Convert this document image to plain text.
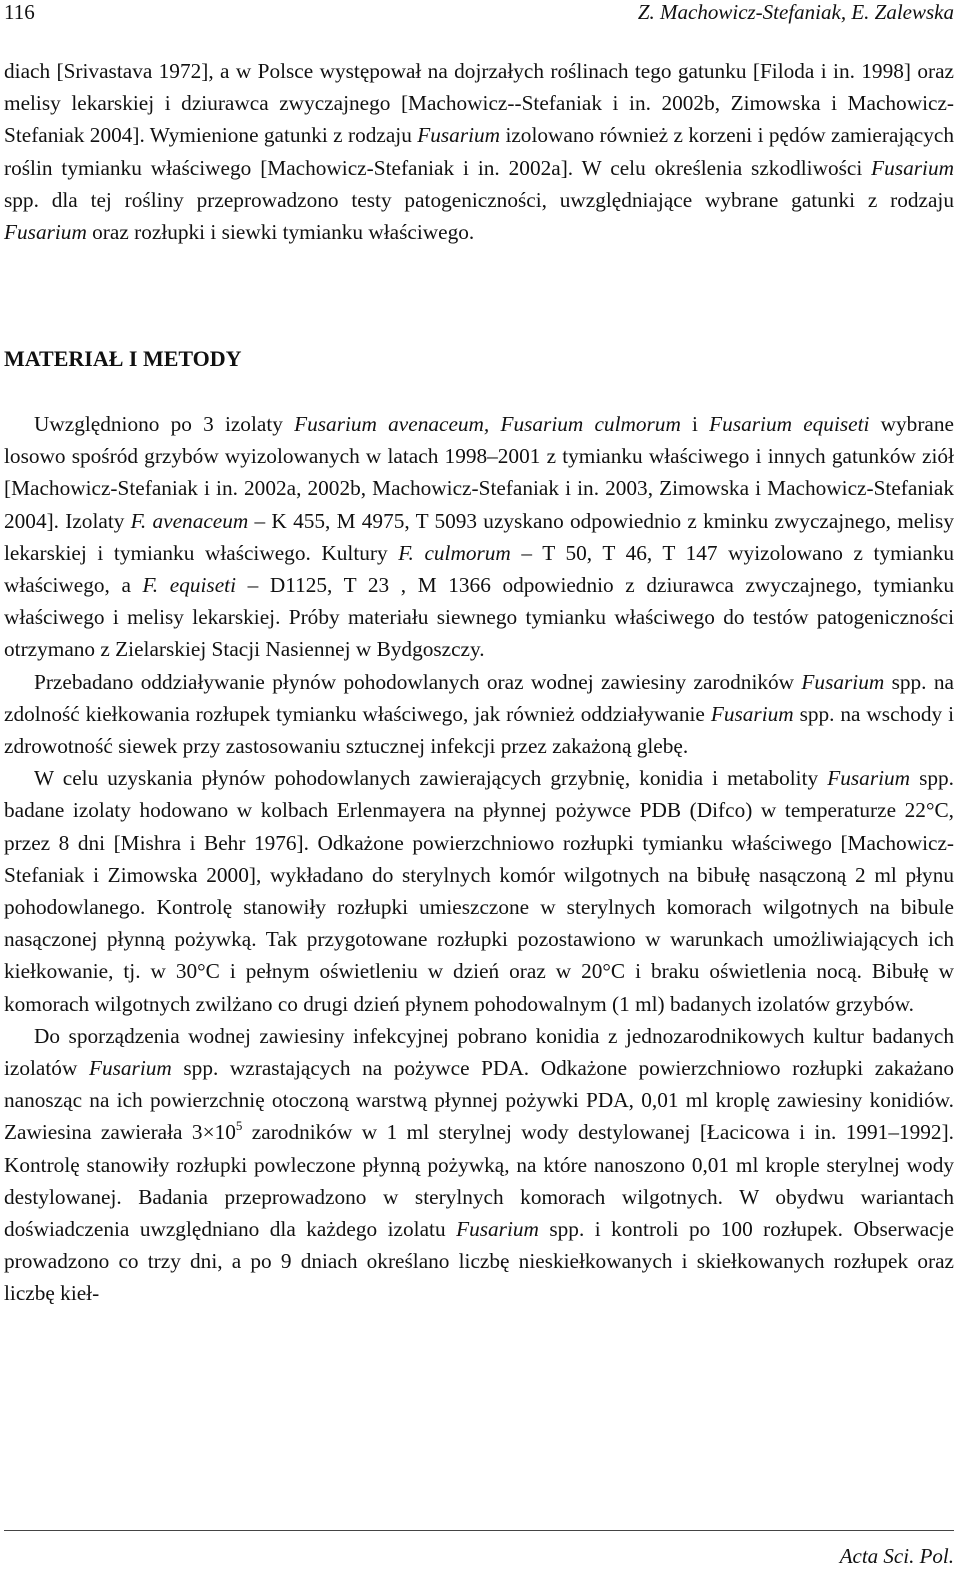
116	Z. Machowicz-Stefaniak, E. Zalewska

diach [Srivastava 1972], a w Polsce występował na dojrzałych roślinach tego gatunku [Filoda i in. 1998] oraz melisy lekarskiej i dziurawca zwyczajnego [Machowicz--Stefaniak i in. 2002b, Zimowska i Machowicz-Stefaniak 2004]. Wymienione gatunki z rodzaju Fusarium izolowano również z korzeni i pędów zamierających roślin tymianku właściwego [Machowicz-Stefaniak i in. 2002a]. W celu określenia szkodliwości Fusarium spp. dla tej rośliny przeprowadzono testy patogeniczności, uwzględniające wybrane gatunki z rodzaju Fusarium oraz rozłupki i siewki tymianku właściwego.

MATERIAŁ I METODY

Uwzględniono po 3 izolaty Fusarium avenaceum, Fusarium culmorum i Fusarium equiseti wybrane losowo spośród grzybów wyizolowanych w latach 1998–2001 z tymianku właściwego i innych gatunków ziół [Machowicz-Stefaniak i in. 2002a, 2002b, Machowicz-Stefaniak i in. 2003, Zimowska i Machowicz-Stefaniak 2004]. Izolaty F. avenaceum – K 455, M 4975, T 5093 uzyskano odpowiednio z kminku zwyczajnego, melisy lekarskiej i tymianku właściwego. Kultury F. culmorum – T 50, T 46, T 147 wyizolowano z tymianku właściwego, a F. equiseti – D1125, T 23 , M 1366 odpowiednio z dziurawca zwyczajnego, tymianku właściwego i melisy lekarskiej. Próby materiału siewnego tymianku właściwego do testów patogeniczności otrzymano z Zielarskiej Stacji Nasiennej w Bydgoszczy.

Przebadano oddziaływanie płynów pohodowlanych oraz wodnej zawiesiny zarodników Fusarium spp. na zdolność kiełkowania rozłupek tymianku właściwego, jak również oddziaływanie Fusarium spp. na wschody i zdrowotność siewek przy zastosowaniu sztucznej infekcji przez zakażoną glebę.

W celu uzyskania płynów pohodowlanych zawierających grzybnię, konidia i metabolity Fusarium spp. badane izolaty hodowano w kolbach Erlenmayera na płynnej pożywce PDB (Difco) w temperaturze 22°C, przez 8 dni [Mishra i Behr 1976]. Odkażone powierzchniowo rozłupki tymianku właściwego [Machowicz-Stefaniak i Zimowska 2000], wykładano do sterylnych komór wilgotnych na bibułę nasączoną 2 ml płynu pohodowlanego. Kontrolę stanowiły rozłupki umieszczone w sterylnych komorach wilgotnych na bibule nasączonej płynną pożywką. Tak przygotowane rozłupki pozostawiono w warunkach umożliwiających ich kiełkowanie, tj. w 30°C i pełnym oświetleniu w dzień oraz w 20°C i braku oświetlenia nocą. Bibułę w komorach wilgotnych zwilżano co drugi dzień płynem pohodowalnym (1 ml) badanych izolatów grzybów.

Do sporządzenia wodnej zawiesiny infekcyjnej pobrano konidia z jednozarodnikowych kultur badanych izolatów Fusarium spp. wzrastających na pożywce PDA. Odkażone powierzchniowo rozłupki zakażano nanosząc na ich powierzchnię otoczoną warstwą płynnej pożywki PDA, 0,01 ml kroplę zawiesiny konidiów. Zawiesina zawierała $3\times 10^5$ zarodników w 1 ml sterylnej wody destylowanej [Łacicowa i in. 1991–1992]. Kontrolę stanowiły rozłupki powleczone płynną pożywką, na które nanoszono 0,01 ml krople sterylnej wody destylowanej. Badania przeprowadzono w sterylnych komorach wilgotnych. W obydwu wariantach doświadczenia uwzględniano dla każdego izolatu Fusarium spp. i kontroli po 100 rozłupek. Obserwacje prowadzono co trzy dni, a po 9 dniach określano liczbę nieskiełkowanych i skiełkowanych rozłupek oraz liczbę kieł-

Acta Sci. Pol.
